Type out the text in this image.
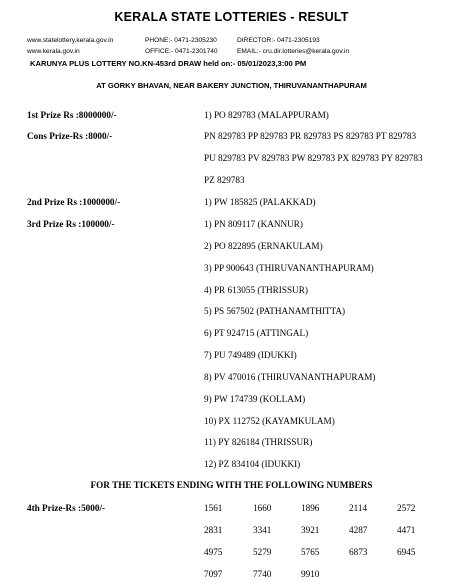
KERALA STATE LOTTERIES - RESULT
www.statelottery.kerala.gov.in	PHONE:- 0471-2305230	DIRECTOR:- 0471-2305193
www.kerala.gov.in	OFFICE:- 0471-2301740	EMAIL:- cru.dir.lotteries@kerala.gov.in
KARUNYA PLUS LOTTERY NO.KN-453rd DRAW held on:- 05/01/2023,3:00 PM
AT GORKY BHAVAN, NEAR BAKERY JUNCTION, THIRUVANANTHAPURAM
1st Prize Rs :8000000/-	1) PO 829783 (MALAPPURAM)
Cons Prize-Rs :8000/-	PN 829783 PP 829783 PR 829783 PS 829783 PT 829783
PU 829783 PV 829783 PW 829783 PX 829783 PY 829783
PZ 829783
2nd Prize Rs :1000000/-	1) PW 185825 (PALAKKAD)
3rd Prize Rs :100000/-	1) PN 809117 (KANNUR)
2) PO 822895 (ERNAKULAM)
3) PP 900643 (THIRUVANANTHAPURAM)
4) PR 613055 (THRISSUR)
5) PS 567502 (PATHANAMTHITTA)
6) PT 924715 (ATTINGAL)
7) PU 749489 (IDUKKI)
8) PV 470016 (THIRUVANANTHAPURAM)
9) PW 174739 (KOLLAM)
10) PX 112752 (KAYAMKULAM)
11) PY 826184 (THRISSUR)
12) PZ 834104 (IDUKKI)
FOR THE TICKETS ENDING WITH THE FOLLOWING NUMBERS
4th Prize-Rs :5000/-	1561	1660	1896	2114	2572
2831	3341	3921	4287	4471
4975	5279	5765	6873	6945
7097	7740	9910
